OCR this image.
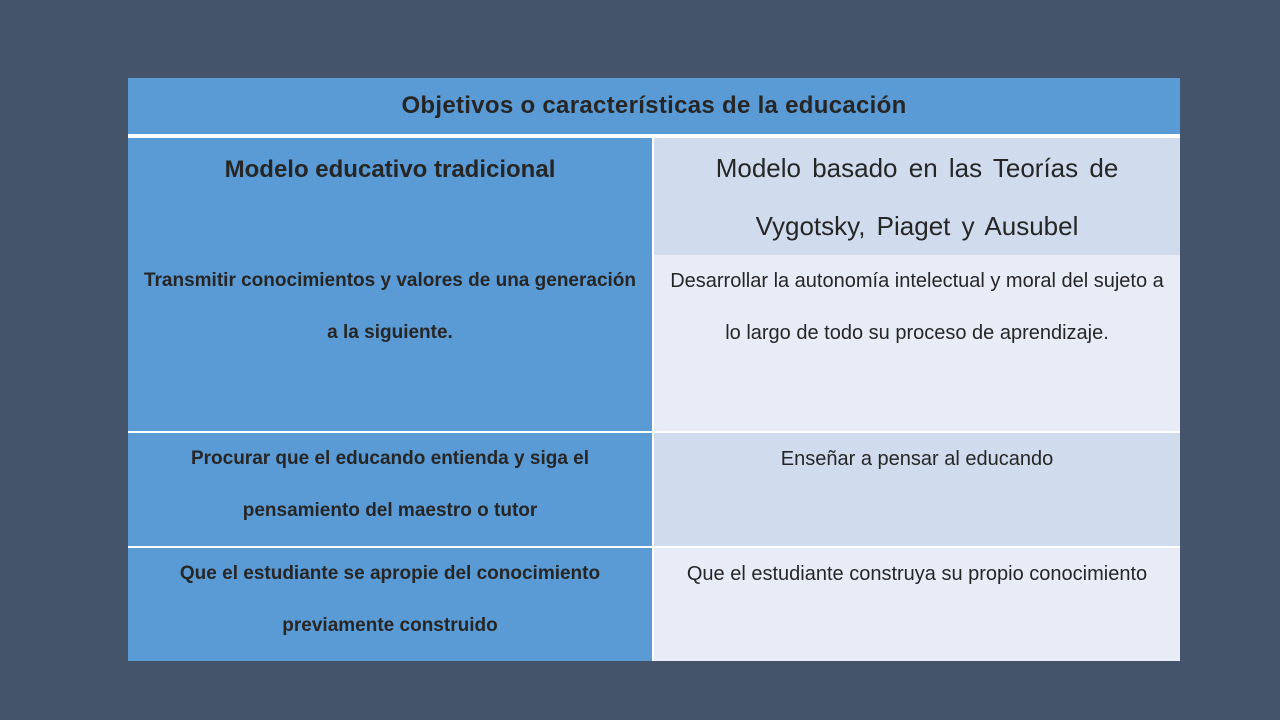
Objetivos o características de la educación	
Modelo educativo tradicional	Modelo basado en las Teorías de Vygotsky, Piaget y Ausubel
Transmitir conocimientos y valores de una generación a la siguiente.	Desarrollar la autonomía intelectual y moral del sujeto a lo largo de todo su proceso de aprendizaje.
Procurar que el educando entienda y siga el pensamiento del maestro o tutor	Enseñar a pensar al educando
Que el estudiante se apropie del conocimiento previamente construido	Que el estudiante construya su propio conocimiento
